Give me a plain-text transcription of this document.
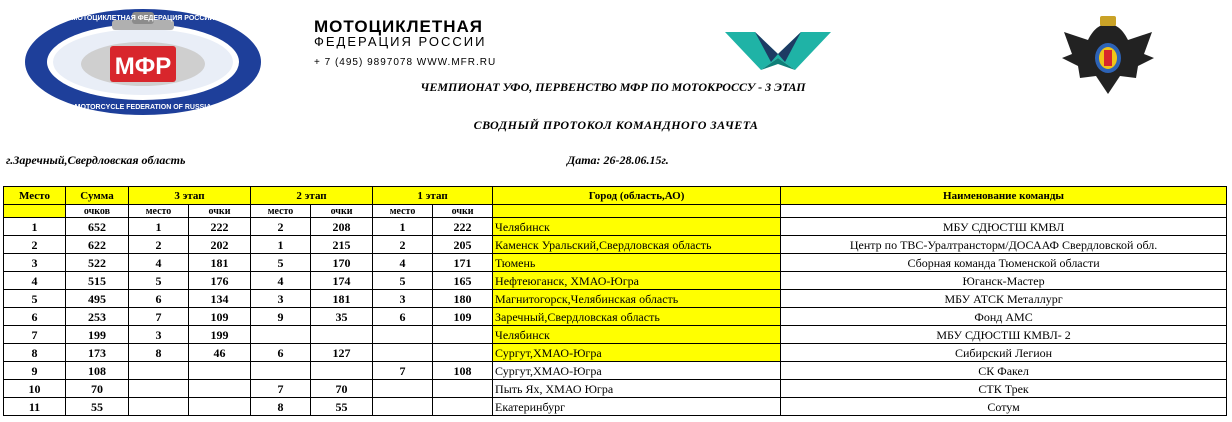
МФР
МОТОЦИКЛЕТНАЯ ФЕДЕРАЦИЯ РОССИИ
MOTORCYCLE FEDERATION OF RUSSIA
МОТОЦИКЛЕТНАЯ
ФЕДЕРАЦИЯ РОССИИ
+ 7 (495) 9897078 WWW.MFR.RU
ЧЕМПИОНАТ УФО, ПЕРВЕНСТВО МФР ПО МОТОКРОССУ - 3 ЭТАП
СВОДНЫЙ ПРОТОКОЛ КОМАНДНОГО ЗАЧЕТА
г.Заречный,Свердловская область	Дата: 26-28.06.15г.
Место	Сумма	3 этап		2 этап		1 этап		Город (область,АО)	Наименование команды
	очков	место	очки	место	очки	место	очки		
1	652	1	222	2	208	1	222	Челябинск	МБУ СДЮСТШ КМВЛ
2	622	2	202	1	215	2	205	Каменск Уральский,Свердловская область	Центр по ТВС-Уралтрансторм/ДОСААФ Свердловской обл.
3	522	4	181	5	170	4	171	Тюмень	Сборная команда Тюменской области
4	515	5	176	4	174	5	165	Нефтеюганск, ХМАО-Югра	Юганск-Мастер
5	495	6	134	3	181	3	180	Магнитогорск,Челябинская область	МБУ АТСК Металлург
6	253	7	109	9	35	6	109	Заречный,Свердловская область	Фонд АМС
7	199	3	199					Челябинск	МБУ СДЮСТШ КМВЛ- 2
8	173	8	46	6	127			Сургут,ХМАО-Югра	Сибирский Легион
9	108					7	108	Сургут,ХМАО-Югра	СК Факел
10	70			7	70			Пыть Ях, ХМАО Югра	СТК Трек
11	55			8	55			Екатеринбург	Сотум
